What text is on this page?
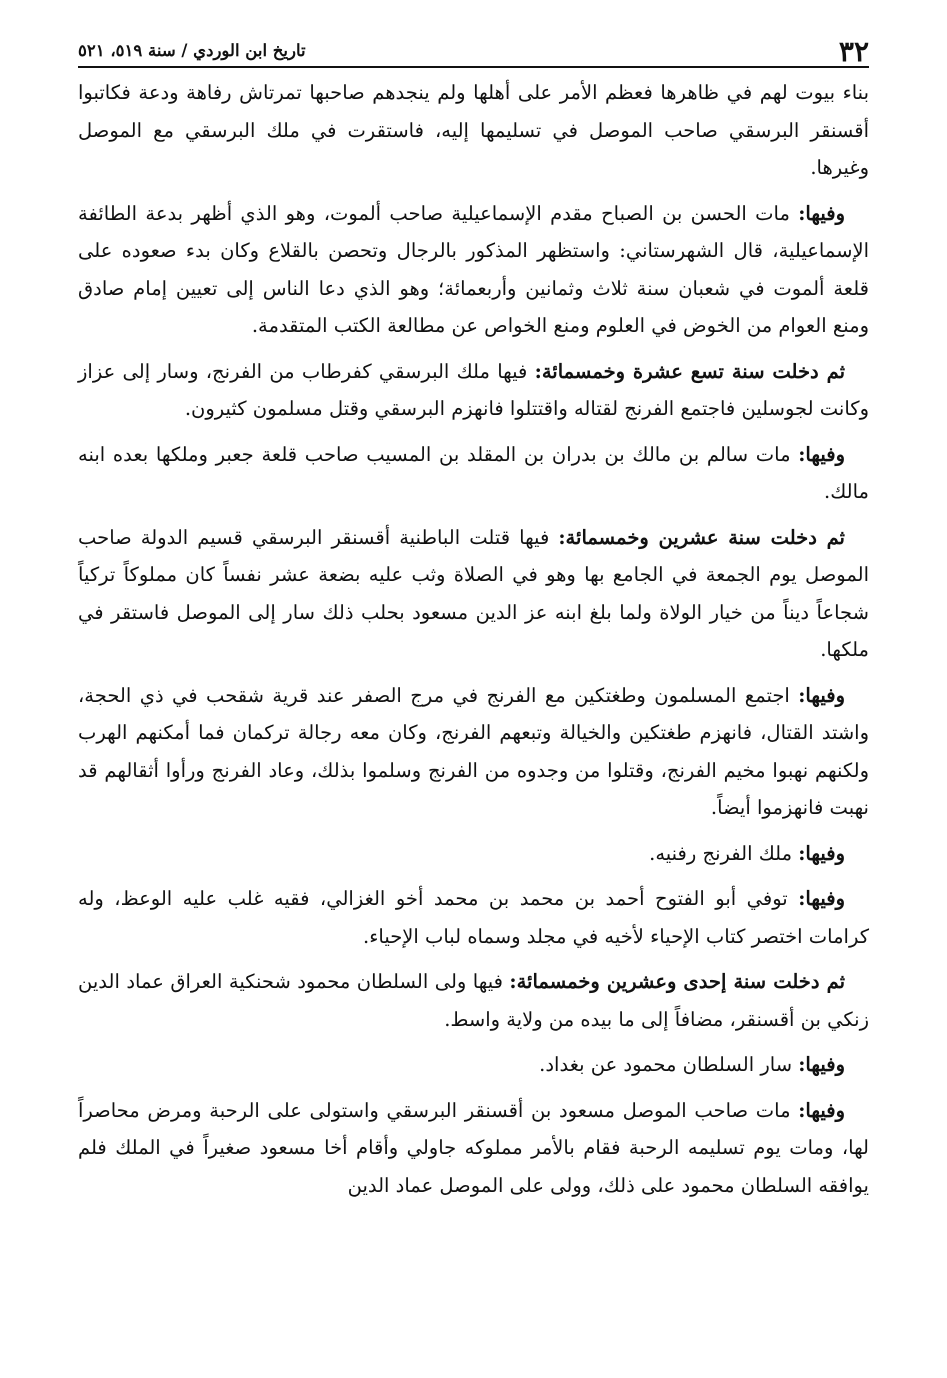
٣٢
تاريخ ابن الوردي / سنة ٥١٩، ٥٢١

بناء بيوت لهم في ظاهرها فعظم الأمر على أهلها ولم ينجدهم صاحبها تمرتاش رفاهة ودعة فكاتبوا أقسنقر البرسقي صاحب الموصل في تسليمها إليه، فاستقرت في ملك البرسقي مع الموصل وغيرها.

وفيها: مات الحسن بن الصباح مقدم الإسماعيلية صاحب ألموت، وهو الذي أظهر بدعة الطائفة الإسماعيلية، قال الشهرستاني: واستظهر المذكور بالرجال وتحصن بالقلاع وكان بدء صعوده على قلعة ألموت في شعبان سنة ثلاث وثمانين وأربعمائة؛ وهو الذي دعا الناس إلى تعيين إمام صادق ومنع العوام من الخوض في العلوم ومنع الخواص عن مطالعة الكتب المتقدمة.

ثم دخلت سنة تسع عشرة وخمسمائة: فيها ملك البرسقي كفرطاب من الفرنج، وسار إلى عزاز وكانت لجوسلين فاجتمع الفرنج لقتاله واقتتلوا فانهزم البرسقي وقتل مسلمون كثيرون.

وفيها: مات سالم بن مالك بن بدران بن المقلد بن المسيب صاحب قلعة جعبر وملكها بعده ابنه مالك.

ثم دخلت سنة عشرين وخمسمائة: فيها قتلت الباطنية أقسنقر البرسقي قسيم الدولة صاحب الموصل يوم الجمعة في الجامع بها وهو في الصلاة وثب عليه بضعة عشر نفساً كان مملوكاً تركياً شجاعاً ديناً من خيار الولاة ولما بلغ ابنه عز الدين مسعود بحلب ذلك سار إلى الموصل فاستقر في ملكها.

وفيها: اجتمع المسلمون وطغتكين مع الفرنج في مرج الصفر عند قرية شقحب في ذي الحجة، واشتد القتال، فانهزم طغتكين والخيالة وتبعهم الفرنج، وكان معه رجالة تركمان فما أمكنهم الهرب ولكنهم نهبوا مخيم الفرنج، وقتلوا من وجدوه من الفرنج وسلموا بذلك، وعاد الفرنج ورأوا أثقالهم قد نهبت فانهزموا أيضاً.

وفيها: ملك الفرنج رفنيه.

وفيها: توفي أبو الفتوح أحمد بن محمد بن محمد أخو الغزالي، فقيه غلب عليه الوعظ، وله كرامات اختصر كتاب الإحياء لأخيه في مجلد وسماه لباب الإحياء.

ثم دخلت سنة إحدى وعشرين وخمسمائة: فيها ولى السلطان محمود شحنكية العراق عماد الدين زنكي بن أقسنقر، مضافاً إلى ما بيده من ولاية واسط.

وفيها: سار السلطان محمود عن بغداد.

وفيها: مات صاحب الموصل مسعود بن أقسنقر البرسقي واستولى على الرحبة ومرض محاصراً لها، ومات يوم تسليمه الرحبة فقام بالأمر مملوكه جاولي وأقام أخا مسعود صغيراً في الملك فلم يوافقه السلطان محمود على ذلك، وولى على الموصل عماد الدين
